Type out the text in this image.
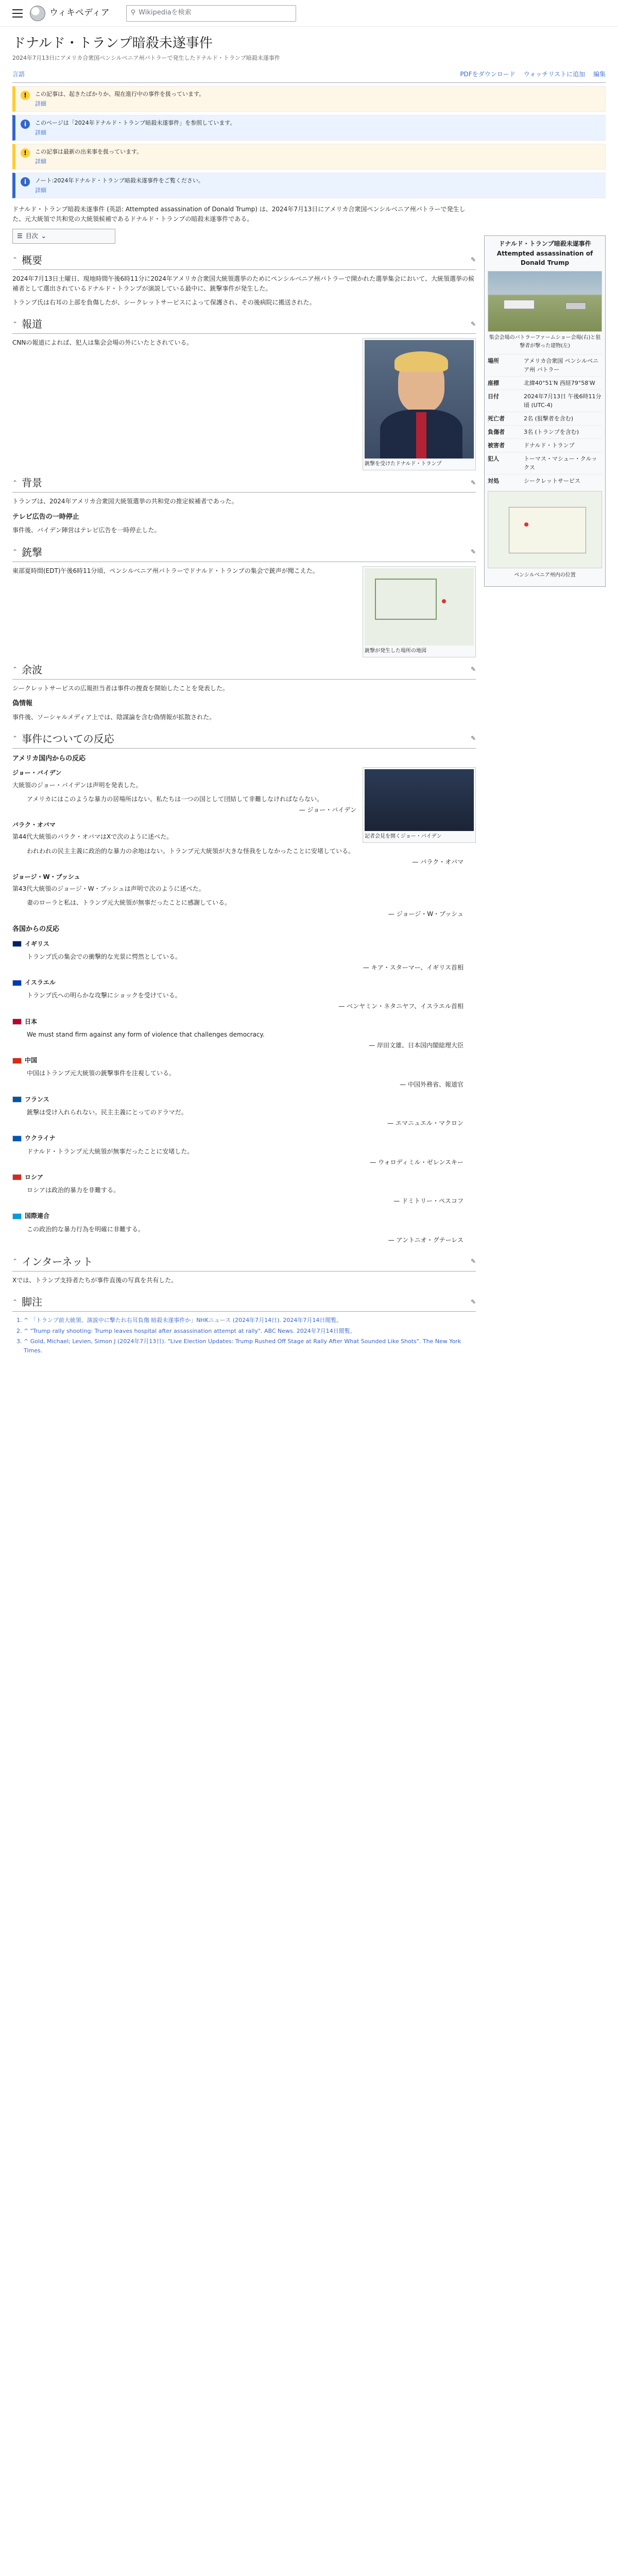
ウィキペディア	⚲ Wikipediaを検索
ドナルド・トランプ暗殺未遂事件
2024年7月13日にアメリカ合衆国ペンシルベニア州バトラーで発生したドナルド・トランプ暗殺未遂事件
言語	PDFをダウンロード ウォッチリストに追加 編集
!	この記事は、起きたばかりか、現在進行中の事件を扱っています。
詳細
i	このページは「2024年ドナルド・トランプ暗殺未遂事件」を参照しています。
詳細
!	この記事は最新の出来事を扱っています。
詳細
i	ノート:2024年ドナルド・トランプ暗殺未遂事件をご覧ください。
詳細

ドナルド・トランプ暗殺未遂事件 (英語: Attempted assassination of Donald Trump) は、2024年7月13日にアメリカ合衆国ペンシルベニア州バトラーで発生した、元大統領で共和党の大統領候補であるドナルド・トランプの暗殺未遂事件である。

☰ 目次 ⌄
⌃ 概要	✎

2024年7月13日土曜日、現地時間午後6時11分に2024年アメリカ合衆国大統領選挙のためにペンシルベニア州バトラーで開かれた選挙集会において、大統領選挙の候補者として選出されているドナルド・トランプが演説している最中に、銃撃事件が発生した。

トランプ氏は右耳の上部を負傷したが、シークレットサービスによって保護され、その後病院に搬送された。

⌃ 報道	✎
銃撃を受けたドナルド・トランプ

CNNの報道によれば、犯人は集会会場の外にいたとされている。

⌃ 背景	✎

トランプは、2024年アメリカ合衆国大統領選挙の共和党の推定候補者であった。

テレビ広告の一時停止

事件後、バイデン陣営はテレビ広告を一時停止した。

⌃ 銃撃	✎
銃撃が発生した場所の地図

東部夏時間(EDT)午後6時11分頃、ペンシルベニア州バトラーでドナルド・トランプの集会で銃声が聞こえた。

⌃ 余波	✎

シークレットサービスの広報担当者は事件の捜査を開始したことを発表した。

偽情報

事件後、ソーシャルメディア上では、陰謀論を含む偽情報が拡散された。

⌃ 事件についての反応	✎
アメリカ国内からの反応
記者会見を開くジョー・バイデン
ジョー・バイデン

大統領のジョー・バイデンは声明を発表した。

アメリカにはこのような暴力の居場所はない。私たちは一つの国として団結して非難しなければならない。
— ジョー・バイデン
バラク・オバマ

第44代大統領のバラク・オバマはXで次のように述べた。

われわれの民主主義に政治的な暴力の余地はない。トランプ元大統領が大きな怪我をしなかったことに安堵している。
— バラク・オバマ
ジョージ・W・ブッシュ

第43代大統領のジョージ・W・ブッシュは声明で次のように述べた。

妻のローラと私は、トランプ元大統領が無事だったことに感謝している。
— ジョージ・W・ブッシュ
各国からの反応
イギリス
トランプ氏の集会での衝撃的な光景に愕然としている。
— キア・スターマー、イギリス首相
イスラエル
トランプ氏への明らかな攻撃にショックを受けている。
— ベンヤミン・ネタニヤフ、イスラエル首相
日本
We must stand firm against any form of violence that challenges democracy.
— 岸田文雄、日本国内閣総理大臣
中国
中国はトランプ元大統領の銃撃事件を注視している。
— 中国外務省、報道官
フランス
銃撃は受け入れられない。民主主義にとってのドラマだ。
— エマニュエル・マクロン
ウクライナ
ドナルド・トランプ元大統領が無事だったことに安堵した。
— ウォロディミル・ゼレンスキー
ロシア
ロシアは政治的暴力を非難する。
— ドミトリー・ペスコフ
国際連合
この政治的な暴力行為を明確に非難する。
— アントニオ・グテーレス
⌃ インターネット	✎

Xでは、トランプ支持者たちが事件直後の写真を共有した。

⌃ 脚注	✎
1. ^ 「トランプ前大統領、演説中に撃たれ右耳負傷 暗殺未遂事件か」NHKニュース (2024年7月14日). 2024年7月14日閲覧。
2. ^ "Trump rally shooting: Trump leaves hospital after assassination attempt at rally". ABC News. 2024年7月14日閲覧。
3. ^ Gold, Michael; Levien, Simon J (2024年7月13日). "Live Election Updates: Trump Rushed Off Stage at Rally After What Sounded Like Shots". The New York Times.
ドナルド・トランプ暗殺未遂事件
Attempted assassination of Donald Trump
集会会場のバトラーファームショー会場(右)と狙撃者が撃った建物(左)
場所	アメリカ合衆国 ペンシルベニア州 バトラー
座標	北緯40°51′N 西経79°58′W
日付	2024年7月13日 午後6時11分頃 (UTC-4)
死亡者	2名 (狙撃者を含む)
負傷者	3名 (トランプを含む)
被害者	ドナルド・トランプ
犯人	トーマス・マシュー・クルックス
対処	シークレットサービス
ペンシルベニア州内の位置
